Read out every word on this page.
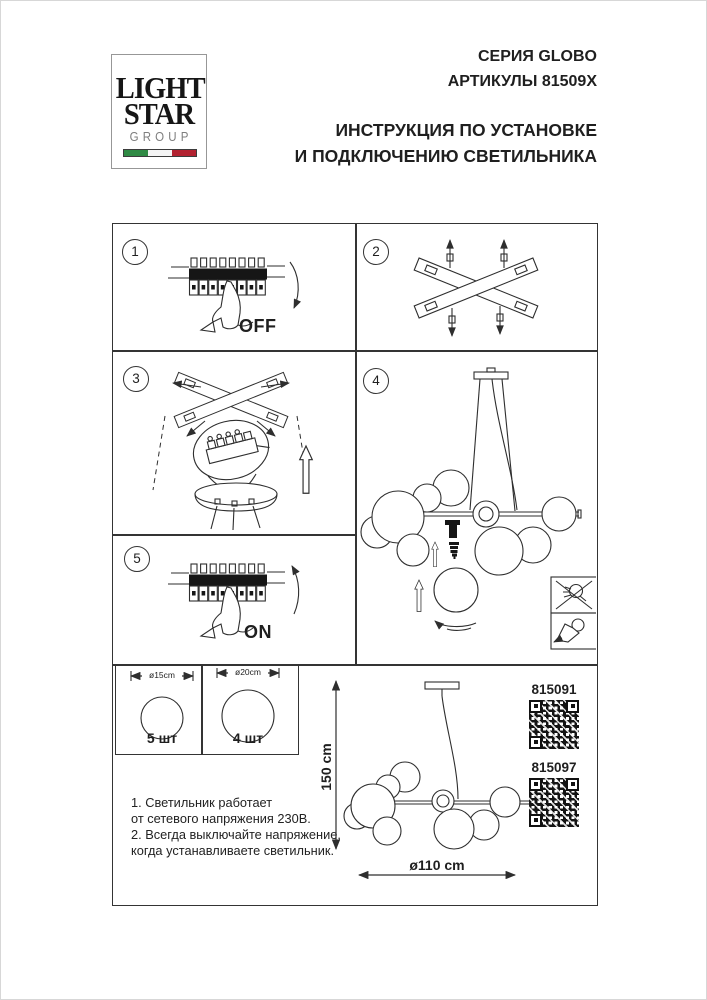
LIGHT
STAR
GROUP
СЕРИЯ GLOBO
АРТИКУЛЫ 81509X
ИНСТРУКЦИЯ ПО УСТАНОВКЕ
И ПОДКЛЮЧЕНИЮ СВЕТИЛЬНИКА
1	2
3	4
5
OFF
ON
ø15cm	ø20cm
5 шт	4 шт
1. Светильник работает
от сетевого напряжения 230В.
2. Всегда выключайте напряжение,
когда устанавливаете светильник.
150 cm
ø110 cm
815091
815097
